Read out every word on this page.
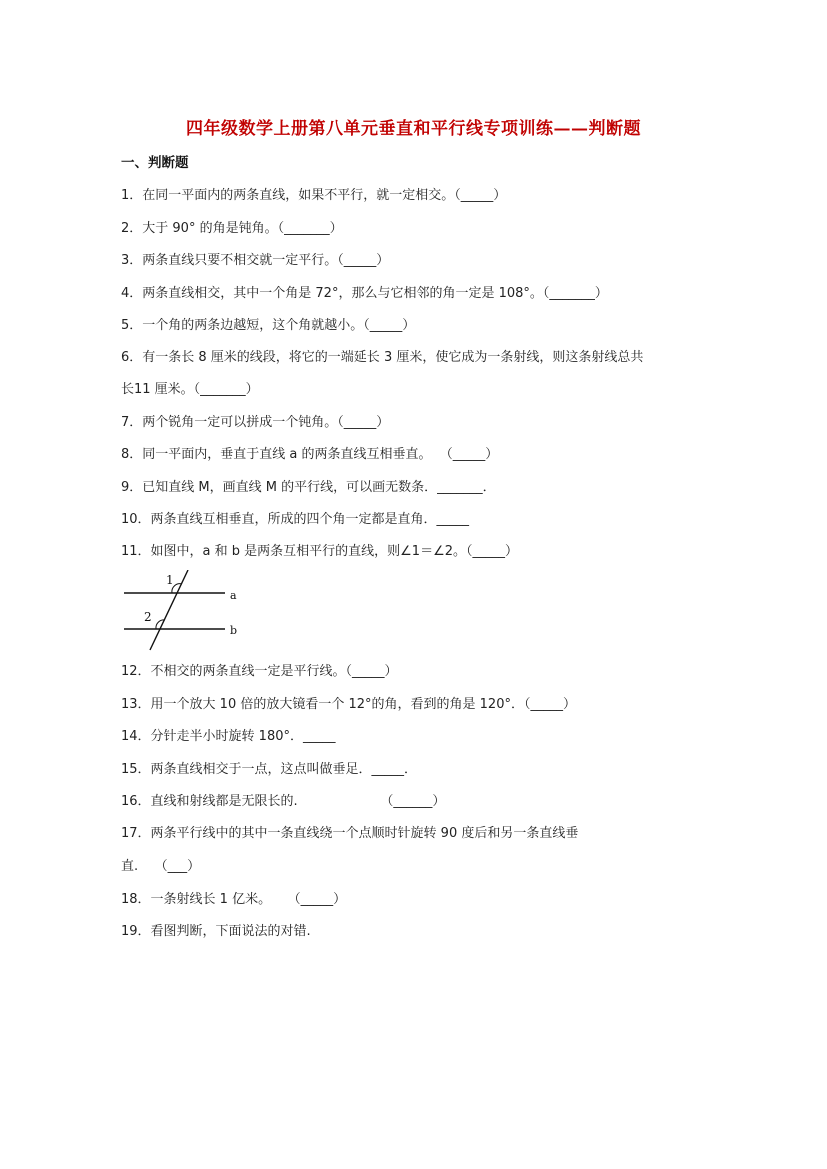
四年级数学上册第八单元垂直和平行线专项训练——判断题
一、判断题
1．在同一平面内的两条直线，如果不平行，就一定相交。（_____）
2．大于 90° 的角是钝角。（_______）
3．两条直线只要不相交就一定平行。（_____）
4．两条直线相交，其中一个角是 72°，那么与它相邻的角一定是 108°。（_______）
5．一个角的两条边越短，这个角就越小。（_____）
6．有一条长 8 厘米的线段，将它的一端延长 3 厘米，使它成为一条射线，则这条射线总共
长11 厘米。（_______）
7．两个锐角一定可以拼成一个钝角。（_____）
8．同一平面内，垂直于直线 a 的两条直线互相垂直。  （_____）
9．已知直线 M，画直线 M 的平行线，可以画无数条．_______．
10．两条直线互相垂直，所成的四个角一定都是直角．_____
11．如图中，a 和 b 是两条互相平行的直线，则∠1＝∠2。（_____）
1
2
a
b
12．不相交的两条直线一定是平行线。（_____）
13．用一个放大 10 倍的放大镜看一个 12°的角，看到的角是 120°．（_____）
14．分针走半小时旋转 180°．_____
15．两条直线相交于一点，这点叫做垂足．_____．
16．直线和射线都是无限长的.                    （______）
17．两条平行线中的其中一条直线绕一个点顺时针旋转 90 度后和另一条直线垂
直.    （___）
18．一条射线长 1 亿米。    （_____）
19．看图判断，下面说法的对错.
